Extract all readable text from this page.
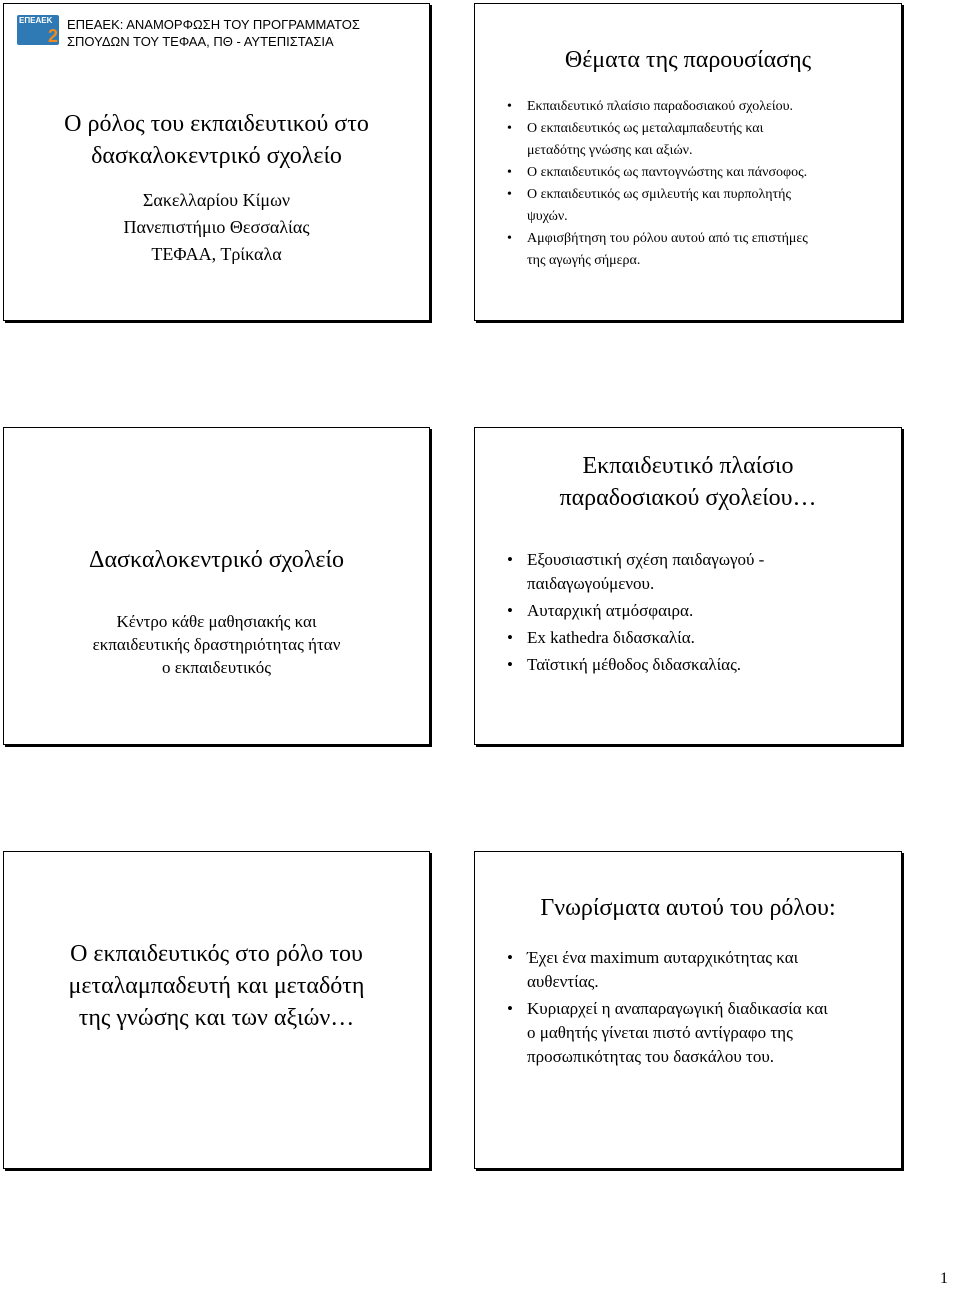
ΕΠΕΑΕΚ
2
ΕΠΕΑΕΚ: ΑΝΑΜΟΡΦΩΣΗ ΤΟΥ ΠΡΟΓΡΑΜΜΑΤΟΣ
ΣΠΟΥΔΩΝ ΤΟΥ ΤΕΦΑΑ, ΠΘ - ΑΥΤΕΠΙΣΤΑΣΙΑ
Ο ρόλος του εκπαιδευτικού στο
δασκαλοκεντρικό σχολείο
Σακελλαρίου Κίμων
Πανεπιστήμιο Θεσσαλίας
ΤΕΦΑΑ, Τρίκαλα
Θέματα της παρουσίασης
• Εκπαιδευτικό πλαίσιο παραδοσιακού σχολείου.
• Ο εκπαιδευτικός ως μεταλαμπαδευτής και
μεταδότης γνώσης και αξιών.
• Ο εκπαιδευτικός ως παντογνώστης και πάνσοφος.
• Ο εκπαιδευτικός ως σμιλευτής και πυρπολητής
ψυχών.
• Αμφισβήτηση του ρόλου αυτού από τις επιστήμες
της αγωγής σήμερα.
Δασκαλοκεντρικό σχολείο
Κέντρο κάθε μαθησιακής και
εκπαιδευτικής δραστηριότητας ήταν
ο εκπαιδευτικός
Εκπαιδευτικό πλαίσιο
παραδοσιακού σχολείου…
• Εξουσιαστική σχέση παιδαγωγού -
παιδαγωγούμενου.
• Αυταρχική ατμόσφαιρα.
• Ex kathedra διδασκαλία.
• Ταϊστική μέθοδος διδασκαλίας.
Ο εκπαιδευτικός στο ρόλο του
μεταλαμπαδευτή και μεταδότη
της γνώσης και των αξιών…
Γνωρίσματα αυτού του ρόλου:
• Έχει ένα maximum αυταρχικότητας και
αυθεντίας.
• Κυριαρχεί η αναπαραγωγική διαδικασία και
ο μαθητής γίνεται πιστό αντίγραφο της
προσωπικότητας του δασκάλου του.
1
